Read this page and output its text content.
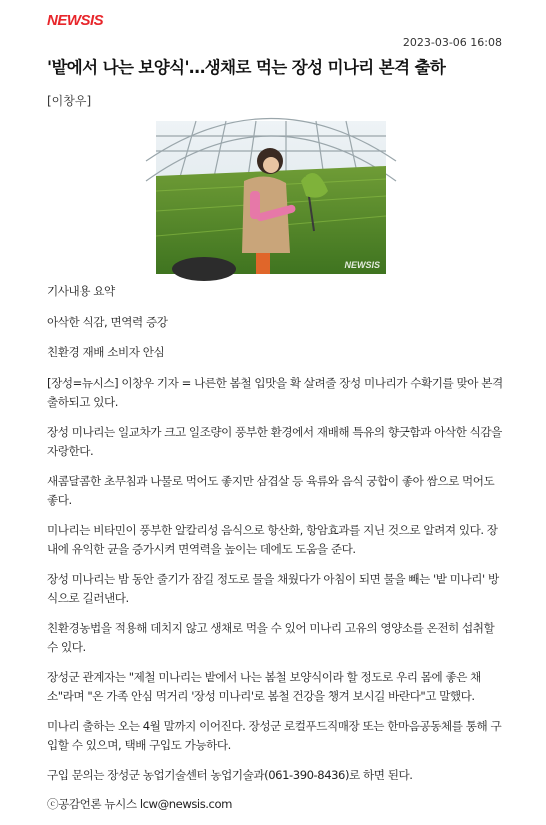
NEWSIS
2023-03-06 16:08
'밭에서 나는 보양식'…생채로 먹는 장성 미나리 본격 출하
[이창우]
NEWSIS

기사내용 요약

아삭한 식감, 면역력 증강

친환경 재배 소비자 안심

[장성=뉴시스] 이창우 기자 = 나른한 봄철 입맛을 확 살려줄 장성 미나리가 수확기를 맞아 본격 출하되고 있다.

장성 미나리는 일교차가 크고 일조량이 풍부한 환경에서 재배해 특유의 향긋함과 아삭한 식감을 자랑한다.

새콤달콤한 초무침과 나물로 먹어도 좋지만 삼겹살 등 육류와 음식 궁합이 좋아 쌈으로 먹어도 좋다.

미나리는 비타민이 풍부한 알칼리성 음식으로 항산화, 항암효과를 지닌 것으로 알려져 있다. 장 내에 유익한 균을 증가시켜 면역력을 높이는 데에도 도움을 준다.

장성 미나리는 밤 동안 줄기가 잠길 정도로 물을 채웠다가 아침이 되면 물을 빼는 '밭 미나리' 방식으로 길러낸다.

친환경농법을 적용해 데치지 않고 생채로 먹을 수 있어 미나리 고유의 영양소를 온전히 섭취할 수 있다.

장성군 관계자는 "제철 미나리는 밭에서 나는 봄철 보양식이라 할 정도로 우리 몸에 좋은 채소"라며 "온 가족 안심 먹거리 '장성 미나리'로 봄철 건강을 챙겨 보시길 바란다"고 말했다.

미나리 출하는 오는 4월 말까지 이어진다. 장성군 로컬푸드직매장 또는 한마음공동체를 통해 구입할 수 있으며, 택배 구입도 가능하다.

구입 문의는 장성군 농업기술센터 농업기술과(061-390-8436)로 하면 된다.

ⓒ공감언론 뉴시스 lcw@newsis.com
